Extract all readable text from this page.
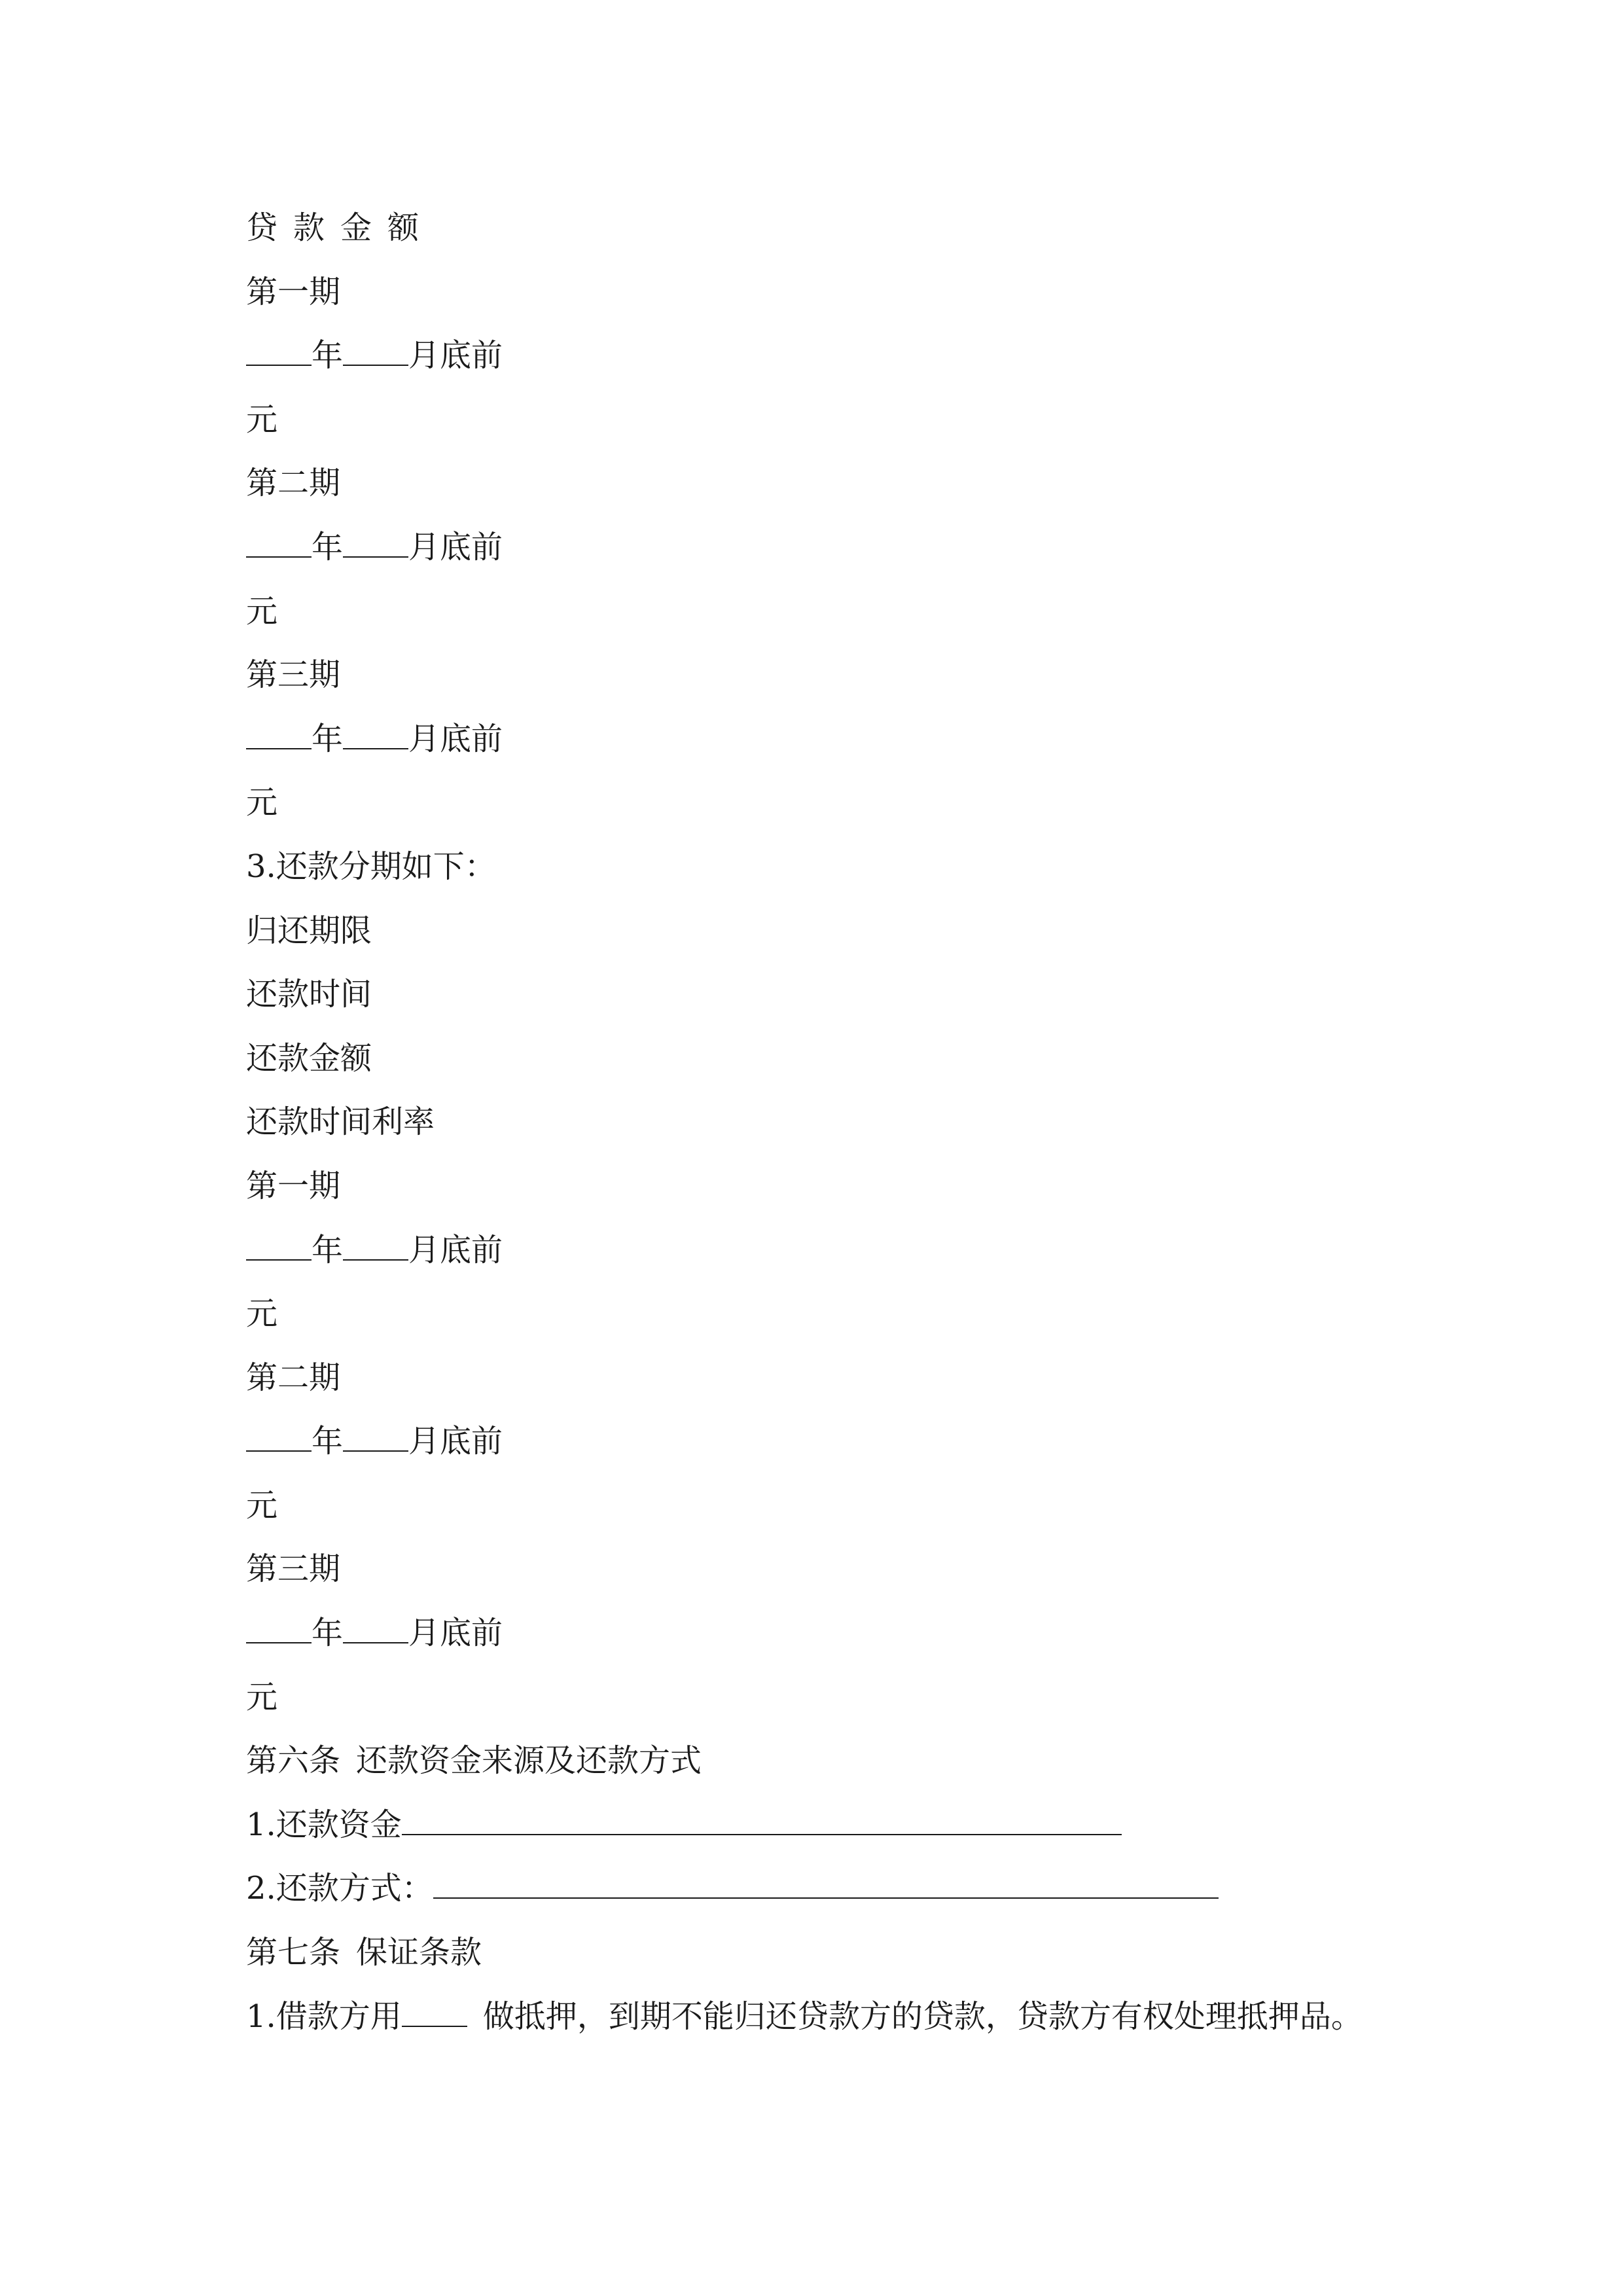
贷款金额
第一期
年 月底前
元
第二期
年 月底前
元
第三期
年 月底前
元
3.还款分期如下：
归还期限
还款时间
还款金额
还款时间利率
第一期
年 月底前
元
第二期
年 月底前
元
第三期
年 月底前
元
第六条 还款资金来源及还款方式
1.还款资金
2.还款方式：
第七条 保证条款
1.借款方用	做抵押，到期不能归还贷款方的贷款，贷款方有权处理抵押品。
